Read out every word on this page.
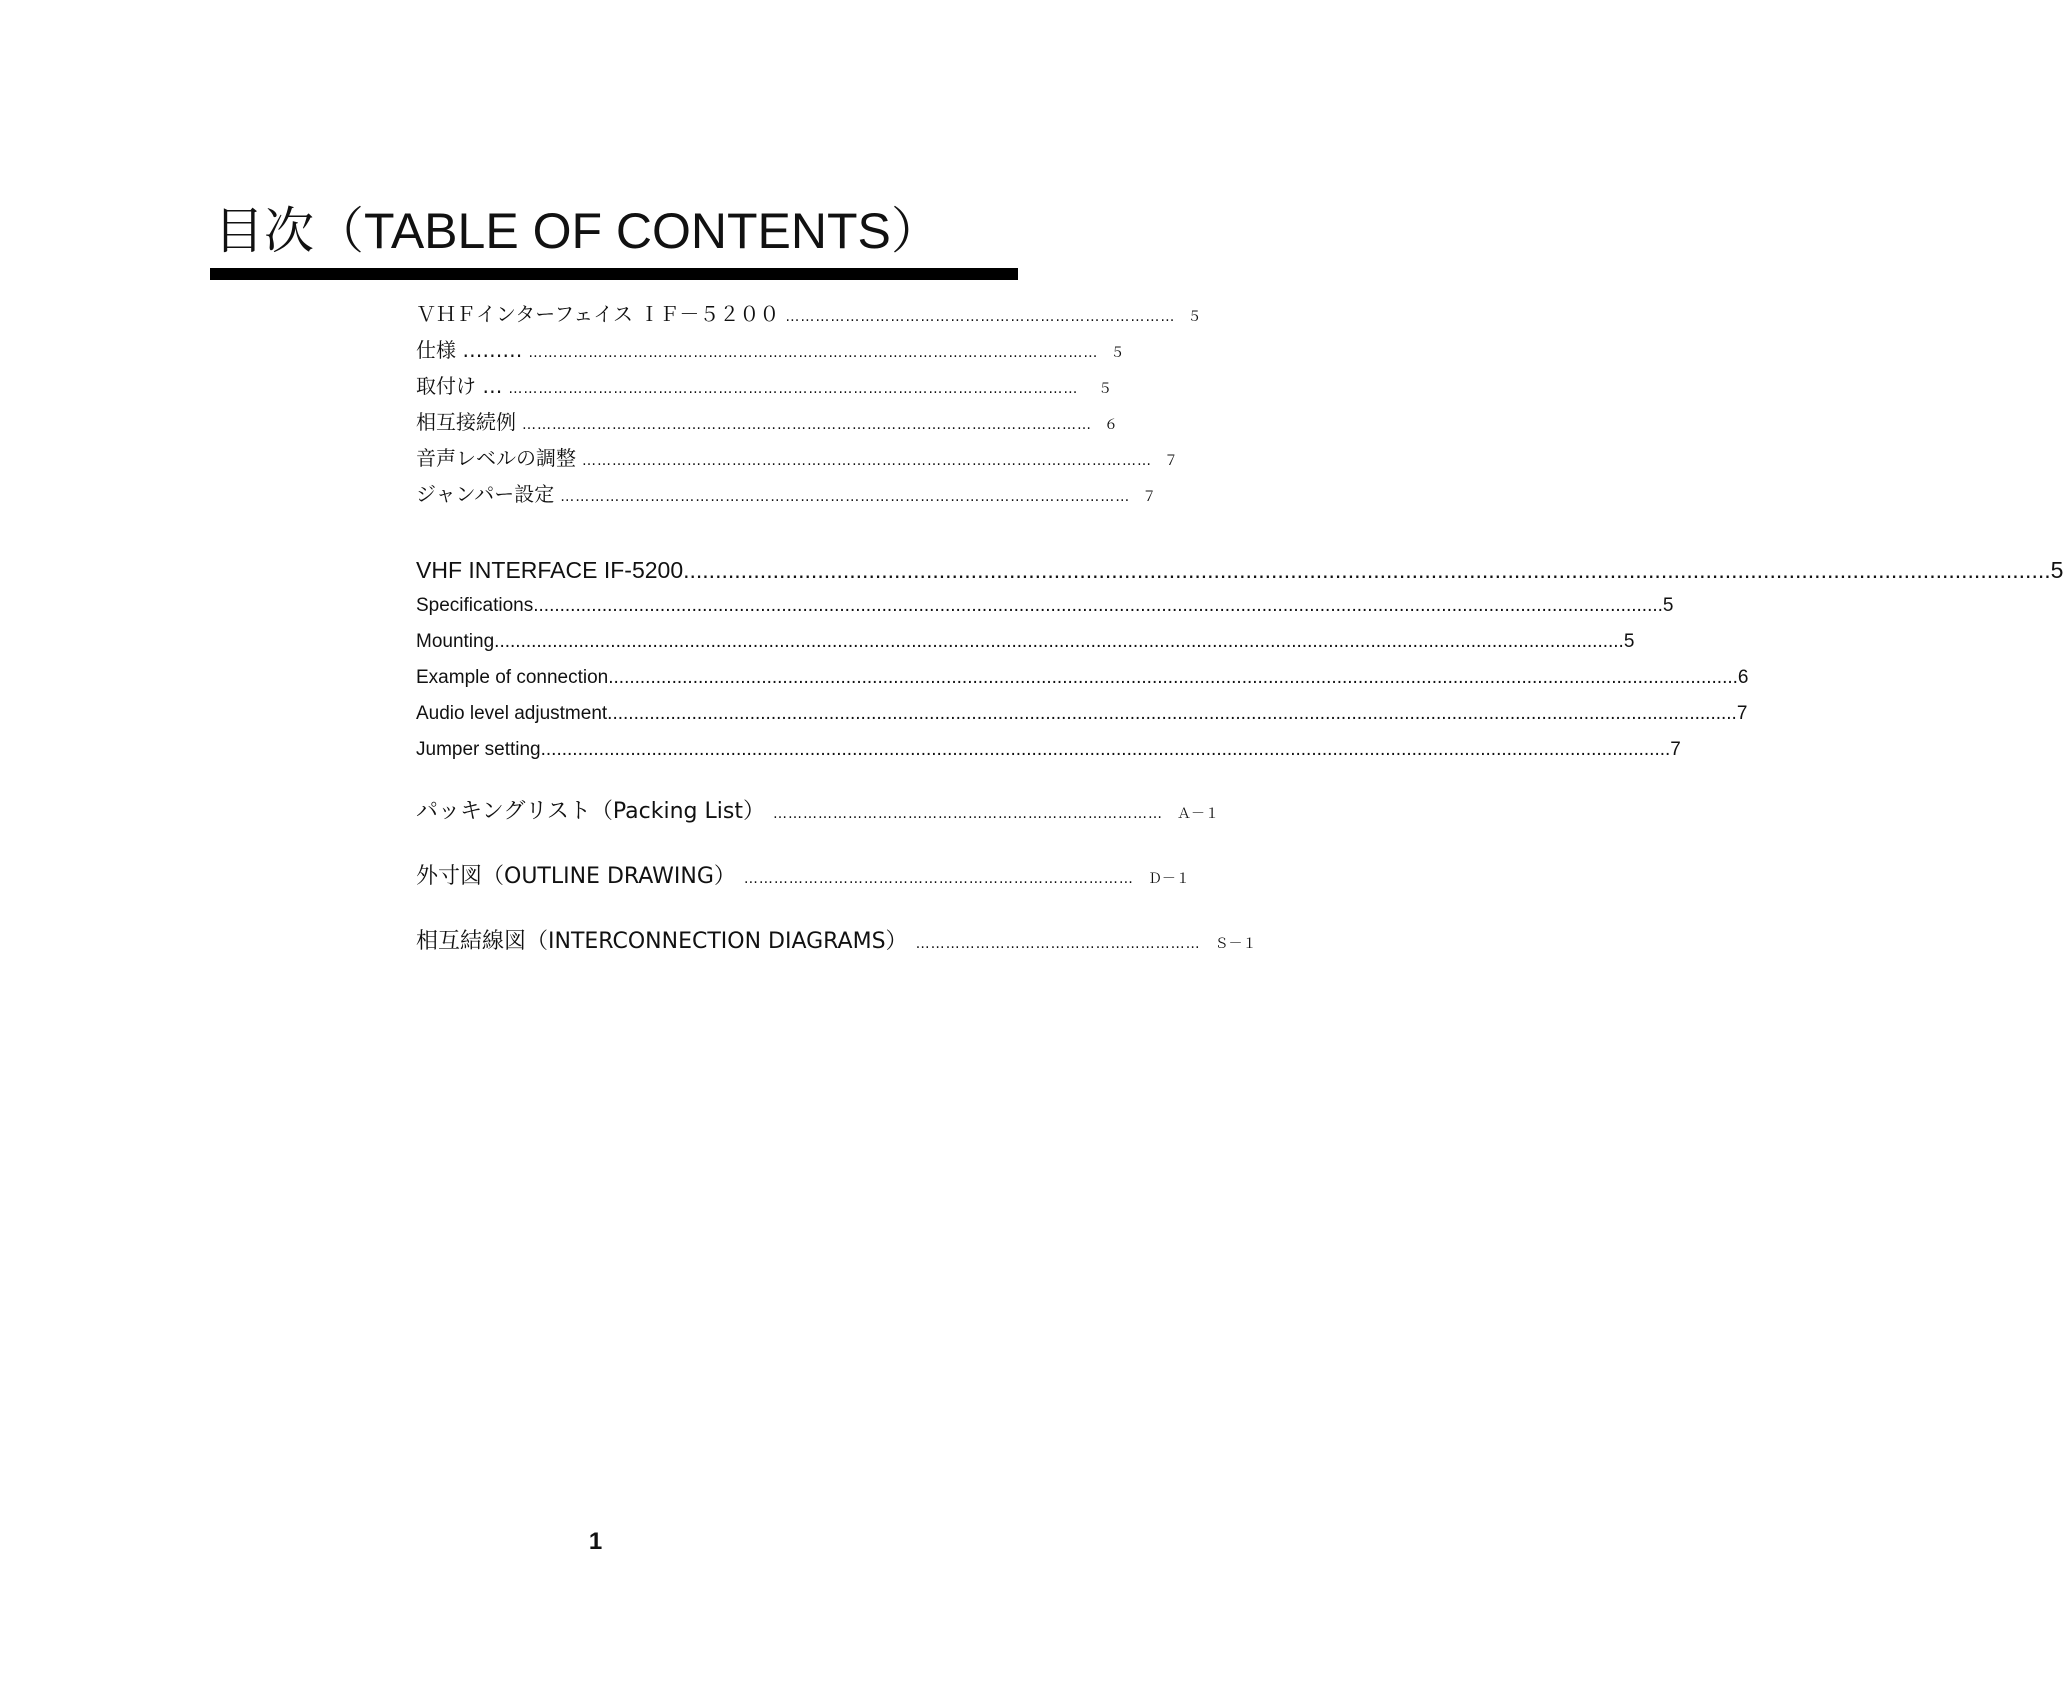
目次（TABLE OF CONTENTS）
ＶＨＦインターフェイス ＩＦ－５２００ …………………………………………………………………… ５
仕様 ……… …………………………………………………………………………………………………… ５
取付け … ……………………………………………………………………………………………………	５
相互接続例 …………………………………………………………………………………………………… ６
音声レベルの調整 …………………………………………………………………………………………………… ７
ジャンパー設定 …………………………………………………………………………………………………… ７
VHF INTERFACE IF-5200 .....	5
Specifications .....	5
Mounting .....	5
Example of connection .....	6
Audio level adjustment .....	7
Jumper setting .....	7
パッキングリスト（Packing List） ……………………………………………………………………	Ａ－１
外寸図（OUTLINE DRAWING） ……………………………………………………………………	Ｄ－１
相互結線図（INTERCONNECTION DIAGRAMS） …………………………………………………	Ｓ－１
1
